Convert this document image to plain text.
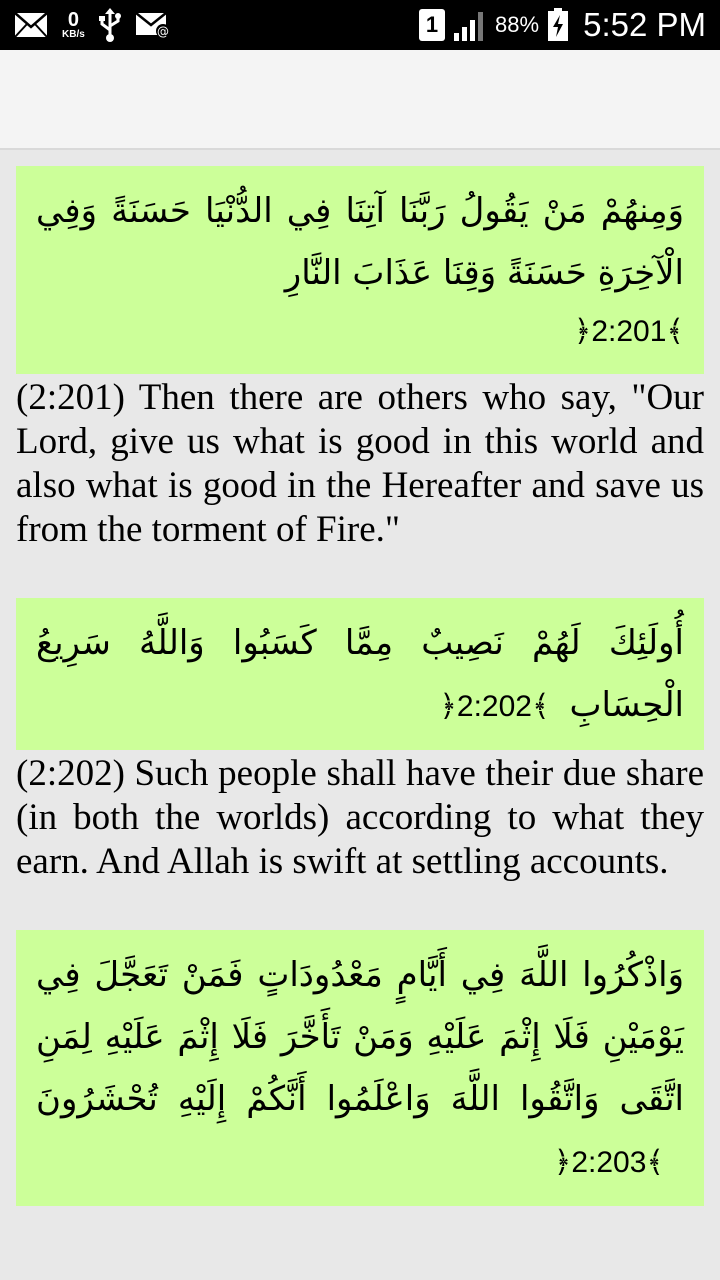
0
KB/s	@	1	88% 5:52 PM
وَمِنهُمْ مَنْ يَقُولُ رَبَّنَا آتِنَا فِي الدُّنْيَا حَسَنَةً وَفِي الْآخِرَةِ حَسَنَةً وَقِنَا عَذَابَ النَّارِ
﴿2:201﴾

(2:201) Then there are others who say, "Our Lord, give us what is good in this world and also what is good in the Hereafter and save us from the torment of Fire."

أُولَئِكَ لَهُمْ نَصِيبٌ مِمَّا كَسَبُوا وَاللَّهُ سَرِيعُ الْحِسَابِ﴿2:202﴾

(2:202) Such people shall have their due share (in both the worlds) according to what they earn. And Allah is swift at settling accounts.

وَاذْكُرُوا اللَّهَ فِي أَيَّامٍ مَعْدُودَاتٍ فَمَنْ تَعَجَّلَ فِي يَوْمَيْنِ فَلَا إِثْمَ عَلَيْهِ وَمَنْ تَأَخَّرَ فَلَا إِثْمَ عَلَيْهِ لِمَنِ اتَّقَى وَاتَّقُوا اللَّهَ وَاعْلَمُوا أَنَّكُمْ إِلَيْهِ تُحْشَرُونَ﴿2:203﴾
